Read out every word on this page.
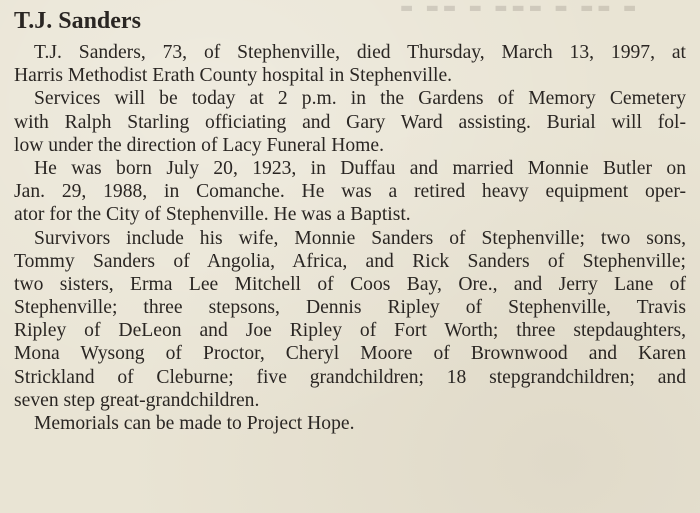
▬ ▬▬ ▬ ▬▬▬ ▬ ▬▬ ▬
T.J. Sanders
T.J. Sanders, 73, of Stephenville, died Thursday, March 13, 1997, at
Harris Methodist Erath County hospital in Stephenville.
Services will be today at 2 p.m. in the Gardens of Memory Cemetery
with Ralph Starling officiating and Gary Ward assisting. Burial will fol-
low under the direction of Lacy Funeral Home.
He was born July 20, 1923, in Duffau and married Monnie Butler on
Jan. 29, 1988, in Comanche. He was a retired heavy equipment oper-
ator for the City of Stephenville. He was a Baptist.
Survivors include his wife, Monnie Sanders of Stephenville; two sons,
Tommy Sanders of Angolia, Africa, and Rick Sanders of Stephenville;
two sisters, Erma Lee Mitchell of Coos Bay, Ore., and Jerry Lane of
Stephenville; three stepsons, Dennis Ripley of Stephenville, Travis
Ripley of DeLeon and Joe Ripley of Fort Worth; three stepdaughters,
Mona Wysong of Proctor, Cheryl Moore of Brownwood and Karen
Strickland of Cleburne; five grandchildren; 18 stepgrandchildren; and
seven step great-grandchildren.
Memorials can be made to Project Hope.
